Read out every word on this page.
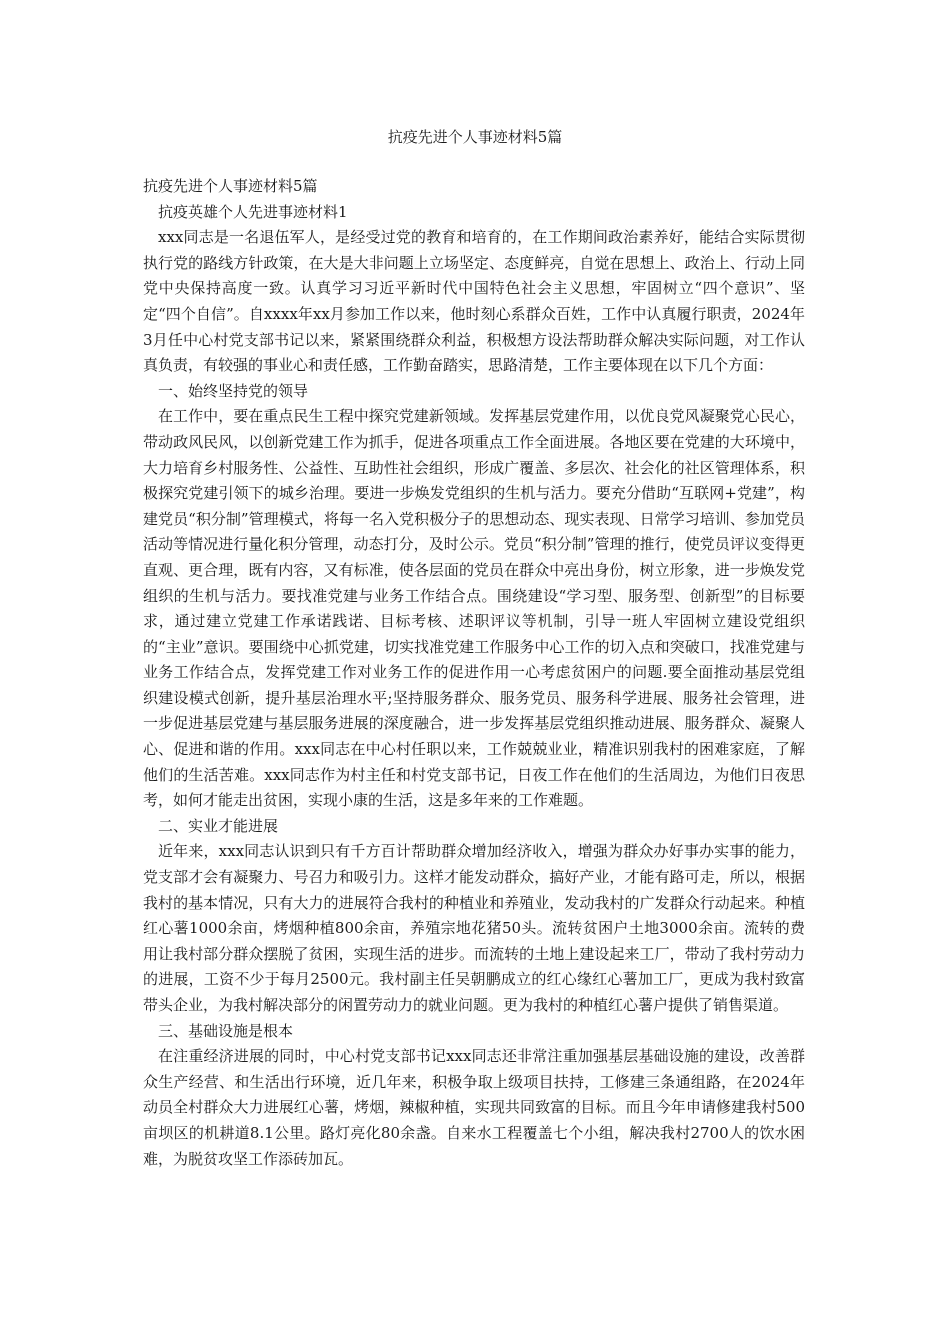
抗疫先进个人事迹材料5篇

抗疫先进个人事迹材料5篇

抗疫英雄个人先进事迹材料1

xxx同志是一名退伍军人，是经受过党的教育和培育的，在工作期间政治素养好，能结合实际贯彻执行党的路线方针政策，在大是大非问题上立场坚定、态度鲜亮，自觉在思想上、政治上、行动上同党中央保持高度一致。认真学习习近平新时代中国特色社会主义思想，牢固树立“四个意识”、坚定“四个自信”。自xxxx年xx月参加工作以来，他时刻心系群众百姓，工作中认真履行职责，2024年3月任中心村党支部书记以来，紧紧围绕群众利益，积极想方设法帮助群众解决实际问题，对工作认真负责，有较强的事业心和责任感，工作勤奋踏实，思路清楚，工作主要体现在以下几个方面：

一、始终坚持党的领导

在工作中，要在重点民生工程中探究党建新领域。发挥基层党建作用，以优良党风凝聚党心民心，带动政风民风，以创新党建工作为抓手，促进各项重点工作全面进展。各地区要在党建的大环境中，大力培育乡村服务性、公益性、互助性社会组织，形成广覆盖、多层次、社会化的社区管理体系，积极探究党建引领下的城乡治理。要进一步焕发党组织的生机与活力。要充分借助“互联网+党建”，构建党员“积分制”管理模式，将每一名入党积极分子的思想动态、现实表现、日常学习培训、参加党员活动等情况进行量化积分管理，动态打分，及时公示。党员“积分制”管理的推行，使党员评议变得更直观、更合理，既有内容，又有标准，使各层面的党员在群众中亮出身份，树立形象，进一步焕发党组织的生机与活力。要找准党建与业务工作结合点。围绕建设“学习型、服务型、创新型”的目标要求，通过建立党建工作承诺践诺、目标考核、述职评议等机制，引导一班人牢固树立建设党组织的“主业”意识。要围绕中心抓党建，切实找准党建工作服务中心工作的切入点和突破口，找准党建与业务工作结合点，发挥党建工作对业务工作的促进作用一心考虑贫困户的问题.要全面推动基层党组织建设模式创新，提升基层治理水平;坚持服务群众、服务党员、服务科学进展、服务社会管理，进一步促进基层党建与基层服务进展的深度融合，进一步发挥基层党组织推动进展、服务群众、凝聚人心、促进和谐的作用。xxx同志在中心村任职以来，工作兢兢业业，精准识别我村的困难家庭，了解他们的生活苦难。xxx同志作为村主任和村党支部书记，日夜工作在他们的生活周边，为他们日夜思考，如何才能走出贫困，实现小康的生活，这是多年来的工作难题。

二、实业才能进展

近年来，xxx同志认识到只有千方百计帮助群众增加经济收入，增强为群众办好事办实事的能力，党支部才会有凝聚力、号召力和吸引力。这样才能发动群众，搞好产业，才能有路可走，所以，根据我村的基本情况，只有大力的进展符合我村的种植业和养殖业，发动我村的广发群众行动起来。种植红心薯1000余亩，烤烟种植800余亩，养殖宗地花猪50头。流转贫困户土地3000余亩。流转的费用让我村部分群众摆脱了贫困，实现生活的进步。而流转的土地上建设起来工厂，带动了我村劳动力的进展，工资不少于每月2500元。我村副主任吴朝鹏成立的红心缘红心薯加工厂，更成为我村致富带头企业，为我村解决部分的闲置劳动力的就业问题。更为我村的种植红心薯户提供了销售渠道。

三、基础设施是根本

在注重经济进展的同时，中心村党支部书记xxx同志还非常注重加强基层基础设施的建设，改善群众生产经营、和生活出行环境，近几年来，积极争取上级项目扶持，工修建三条通组路，在2024年动员全村群众大力进展红心薯，烤烟，辣椒种植，实现共同致富的目标。而且今年申请修建我村500亩坝区的机耕道8.1公里。路灯亮化80余盏。自来水工程覆盖七个小组，解决我村2700人的饮水困难，为脱贫攻坚工作添砖加瓦。
